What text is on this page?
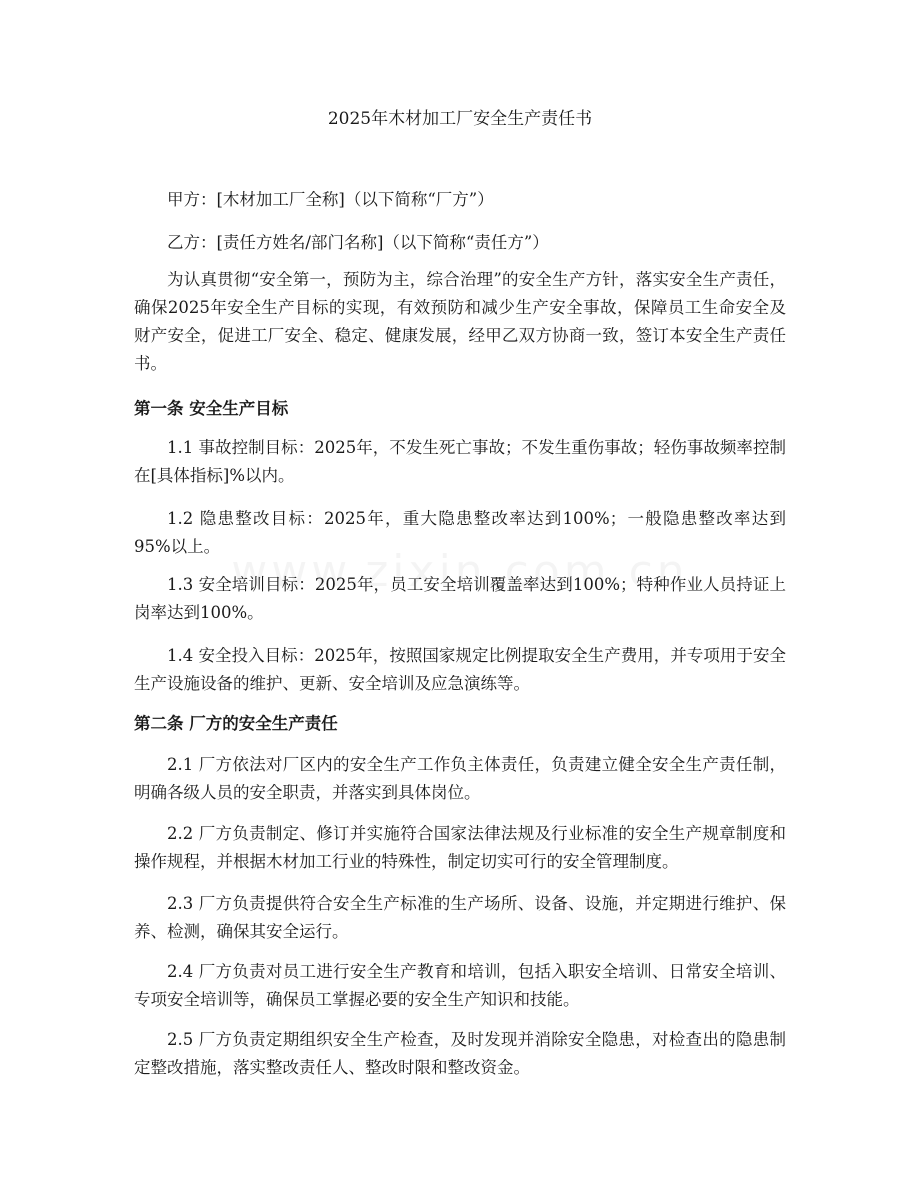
2025年木材加工厂安全生产责任书

甲方：[木材加工厂全称]（以下简称“厂方”）

乙方：[责任方姓名/部门名称]（以下简称“责任方”）

为认真贯彻“安全第一，预防为主，综合治理”的安全生产方针，落实安全生产责任，确保2025年安全生产目标的实现，有效预防和减少生产安全事故，保障员工生命安全及财产安全，促进工厂安全、稳定、健康发展，经甲乙双方协商一致，签订本安全生产责任书。

第一条 安全生产目标

1.1 事故控制目标：2025年，不发生死亡事故；不发生重伤事故；轻伤事故频率控制在[具体指标]%以内。

1.2 隐患整改目标：2025年，重大隐患整改率达到100%；一般隐患整改率达到95%以上。

1.3 安全培训目标：2025年，员工安全培训覆盖率达到100%；特种作业人员持证上岗率达到100%。

1.4 安全投入目标：2025年，按照国家规定比例提取安全生产费用，并专项用于安全生产设施设备的维护、更新、安全培训及应急演练等。

第二条 厂方的安全生产责任

2.1 厂方依法对厂区内的安全生产工作负主体责任，负责建立健全安全生产责任制，明确各级人员的安全职责，并落实到具体岗位。

2.2 厂方负责制定、修订并实施符合国家法律法规及行业标准的安全生产规章制度和操作规程，并根据木材加工行业的特殊性，制定切实可行的安全管理制度。

2.3 厂方负责提供符合安全生产标准的生产场所、设备、设施，并定期进行维护、保养、检测，确保其安全运行。

2.4 厂方负责对员工进行安全生产教育和培训，包括入职安全培训、日常安全培训、专项安全培训等，确保员工掌握必要的安全生产知识和技能。

2.5 厂方负责定期组织安全生产检查，及时发现并消除安全隐患，对检查出的隐患制定整改措施，落实整改责任人、整改时限和整改资金。
